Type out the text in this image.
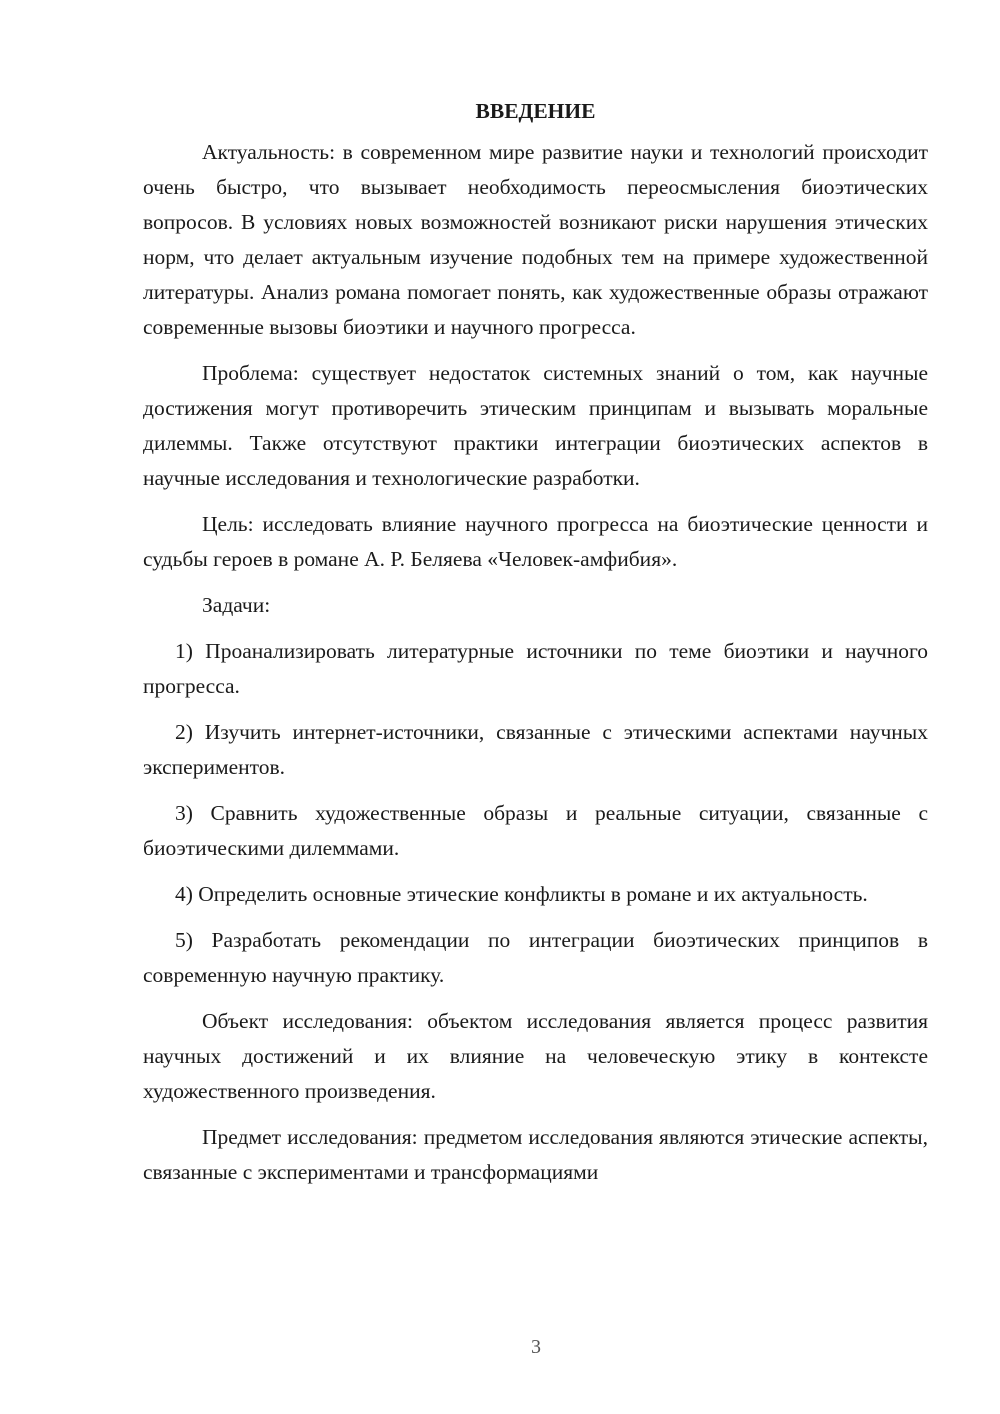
ВВЕДЕНИЕ

Актуальность: в современном мире развитие науки и технологий происходит очень быстро, что вызывает необходимость переосмысления биоэтических вопросов. В условиях новых возможностей возникают риски нарушения этических норм, что делает актуальным изучение подобных тем на примере художественной литературы. Анализ романа помогает понять, как художественные образы отражают современные вызовы биоэтики и научного прогресса.

Проблема: существует недостаток системных знаний о том, как научные достижения могут противоречить этическим принципам и вызывать моральные дилеммы. Также отсутствуют практики интеграции биоэтических аспектов в научные исследования и технологические разработки.

Цель: исследовать влияние научного прогресса на биоэтические ценности и судьбы героев в романе А. Р. Беляева «Человек-амфибия».

Задачи:

1) Проанализировать литературные источники по теме биоэтики и научного прогресса.

2) Изучить интернет-источники, связанные с этическими аспектами научных экспериментов.

3) Сравнить художественные образы и реальные ситуации, связанные с биоэтическими дилеммами.

4) Определить основные этические конфликты в романе и их актуальность.

5) Разработать рекомендации по интеграции биоэтических принципов в современную научную практику.

Объект исследования: объектом исследования является процесс развития научных достижений и их влияние на человеческую этику в контексте художественного произведения.

Предмет исследования: предметом исследования являются этические аспекты, связанные с экспериментами и трансформациями

3
